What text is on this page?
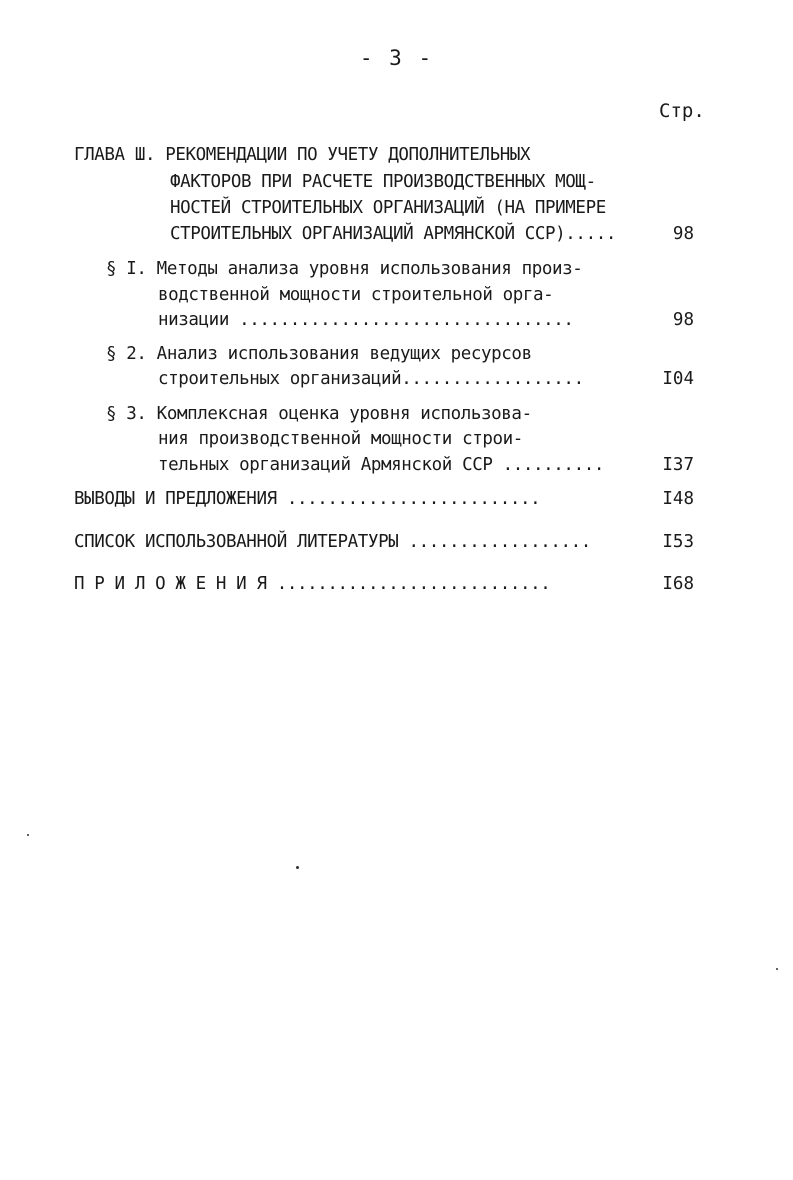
- 3 -
Стр.
ГЛАВА Ш. РЕКОМЕНДАЦИИ ПО УЧЕТУ ДОПОЛНИТЕЛЬНЫХ
ФАКТОРОВ ПРИ РАСЧЕТЕ ПРОИЗВОДСТВЕННЫХ МОЩ-
НОСТЕЙ СТРОИТЕЛЬНЫХ ОРГАНИЗАЦИЙ (НА ПРИМЕРЕ
СТРОИТЕЛЬНЫХ ОРГАНИЗАЦИЙ АРМЯНСКОЙ ССР).....	98
§ I. Методы анализа уровня использования произ-
водственной мощности строительной орга-
низации .................................	98
§ 2. Анализ использования ведущих ресурсов
строительных организаций..................	I04
§ 3. Комплексная оценка уровня использова-
ния производственной мощности строи-
тельных организаций Армянской ССР ..........	I37
ВЫВОДЫ И ПРЕДЛОЖЕНИЯ .........................	I48
СПИСОК ИСПОЛЬЗОВАННОЙ ЛИТЕРАТУРЫ ..................	I53
П Р И Л О Ж Е Н И Я ...........................	I68
